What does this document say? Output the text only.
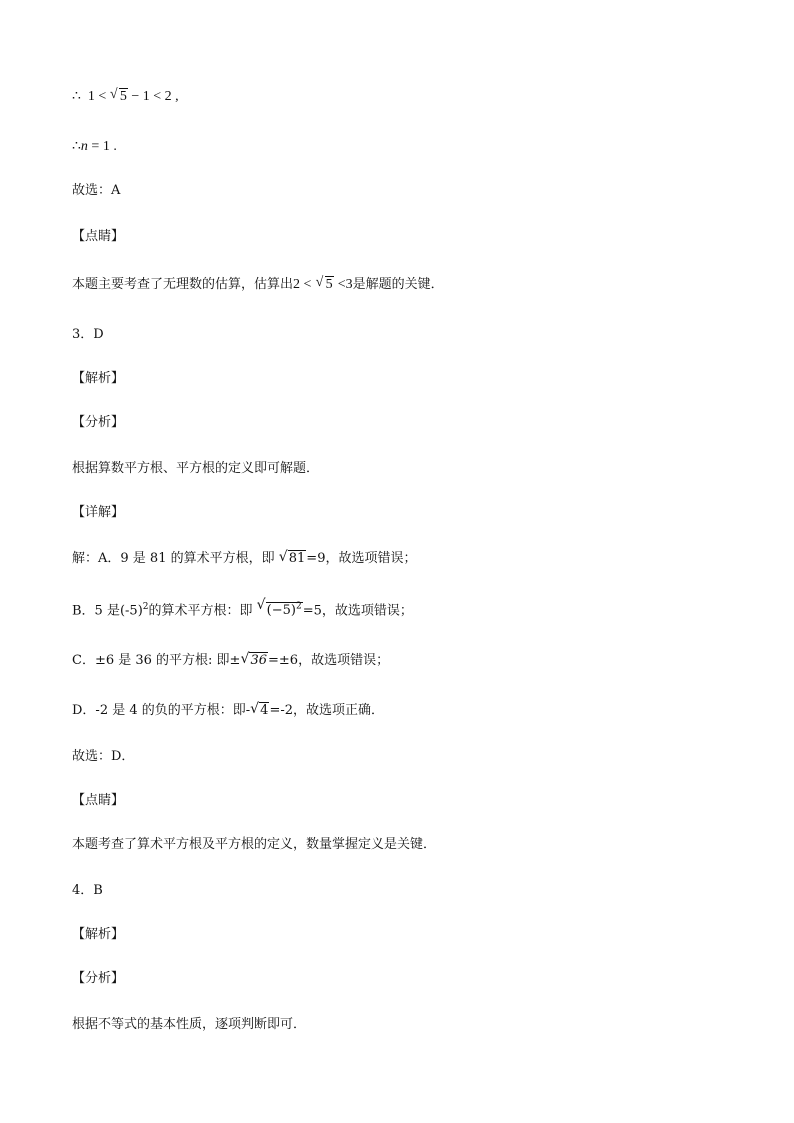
∴ 1 < √ 5 − 1 < 2 ,
∴n = 1 .
故选：A
【点睛】
本题主要考查了无理数的估算，估算出2 < √ 5 <3是解题的关键．
3．D
【解析】
【分析】
根据算数平方根、平方根的定义即可解题．
【详解】
解：A．9 是 81 的算术平方根，即 √ 81=9，故选项错误；
B．5 是$(-5)^2$的算术平方根：即 √ $(-5)^2=5$，故选项错误；
C．±6 是 36 的平方根: 即± √ 36=±6，故选项错误；
D．-2 是 4 的负的平方根：即- √ 4=-2，故选项正确．
故选：D．
【点睛】
本题考查了算术平方根及平方根的定义，数量掌握定义是关键．
4．B
【解析】
【分析】
根据不等式的基本性质，逐项判断即可．
